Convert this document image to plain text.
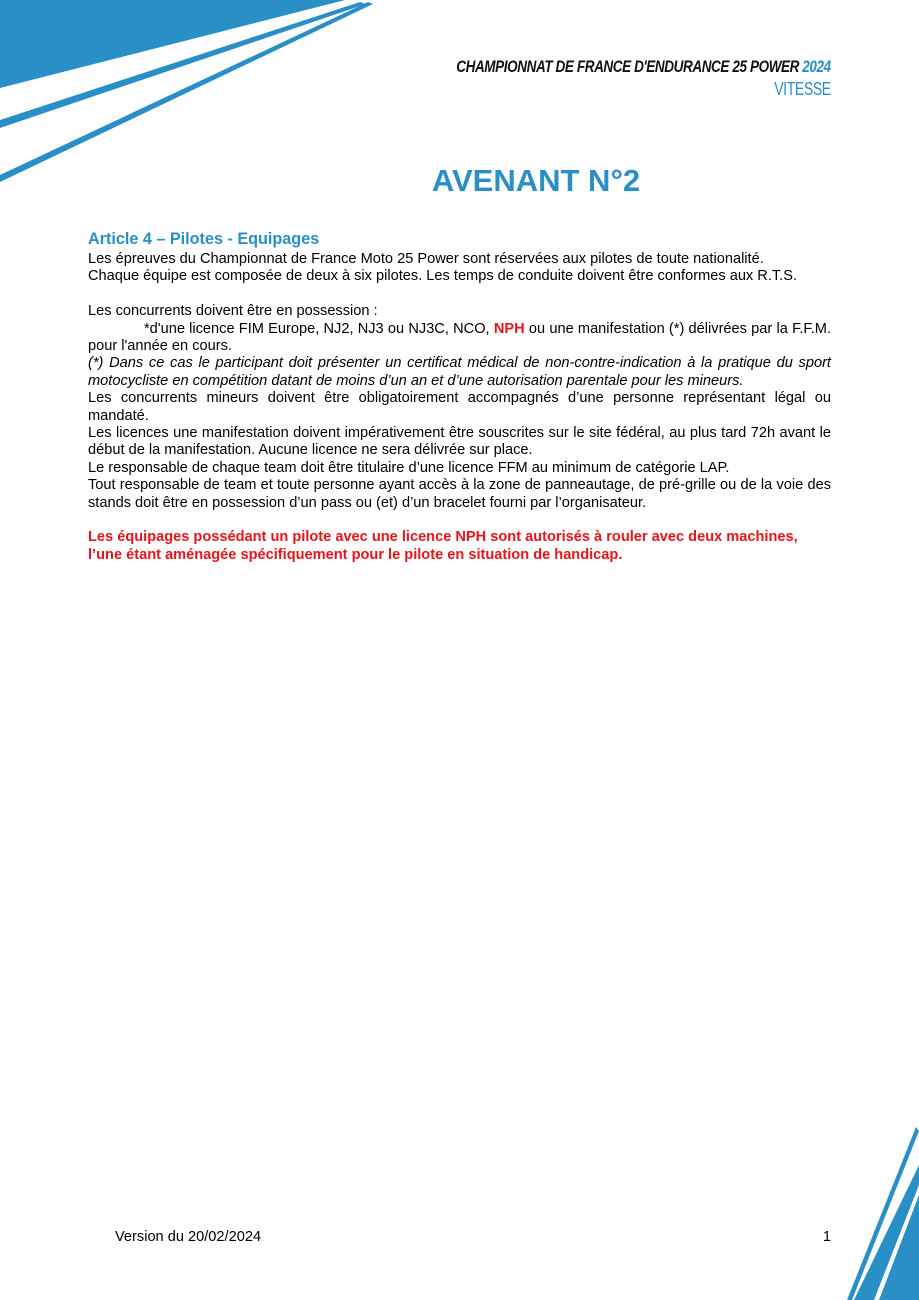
CHAMPIONNAT DE FRANCE D'ENDURANCE 25 POWER 2024
VITESSE
AVENANT N°2
Article 4 – Pilotes - Equipages

Les épreuves du Championnat de France Moto 25 Power sont réservées aux pilotes de toute nationalité.

Chaque équipe est composée de deux à six pilotes. Les temps de conduite doivent être conformes aux R.T.S.

Les concurrents doivent être en possession :

*d'une licence FIM Europe, NJ2, NJ3 ou NJ3C, NCO, NPH ou une manifestation (*) délivrées par la F.F.M. pour l'année en cours.

(*) Dans ce cas le participant doit présenter un certificat médical de non-contre-indication à la pratique du sport motocycliste en compétition datant de moins d’un an et d’une autorisation parentale pour les mineurs.

Les concurrents mineurs doivent être obligatoirement accompagnés d’une personne représentant légal ou mandaté.

Les licences une manifestation doivent impérativement être souscrites sur le site fédéral, au plus tard 72h avant le début de la manifestation. Aucune licence ne sera délivrée sur place.

Le responsable de chaque team doit être titulaire d’une licence FFM au minimum de catégorie LAP.

Tout responsable de team et toute personne ayant accès à la zone de panneautage, de pré-grille ou de la voie des stands doit être en possession d’un pass ou (et) d’un bracelet fourni par l’organisateur.

Les équipages possédant un pilote avec une licence NPH sont autorisés à rouler avec deux machines,

l’une étant aménagée spécifiquement pour le pilote en situation de handicap.

Version du 20/02/2024	1
